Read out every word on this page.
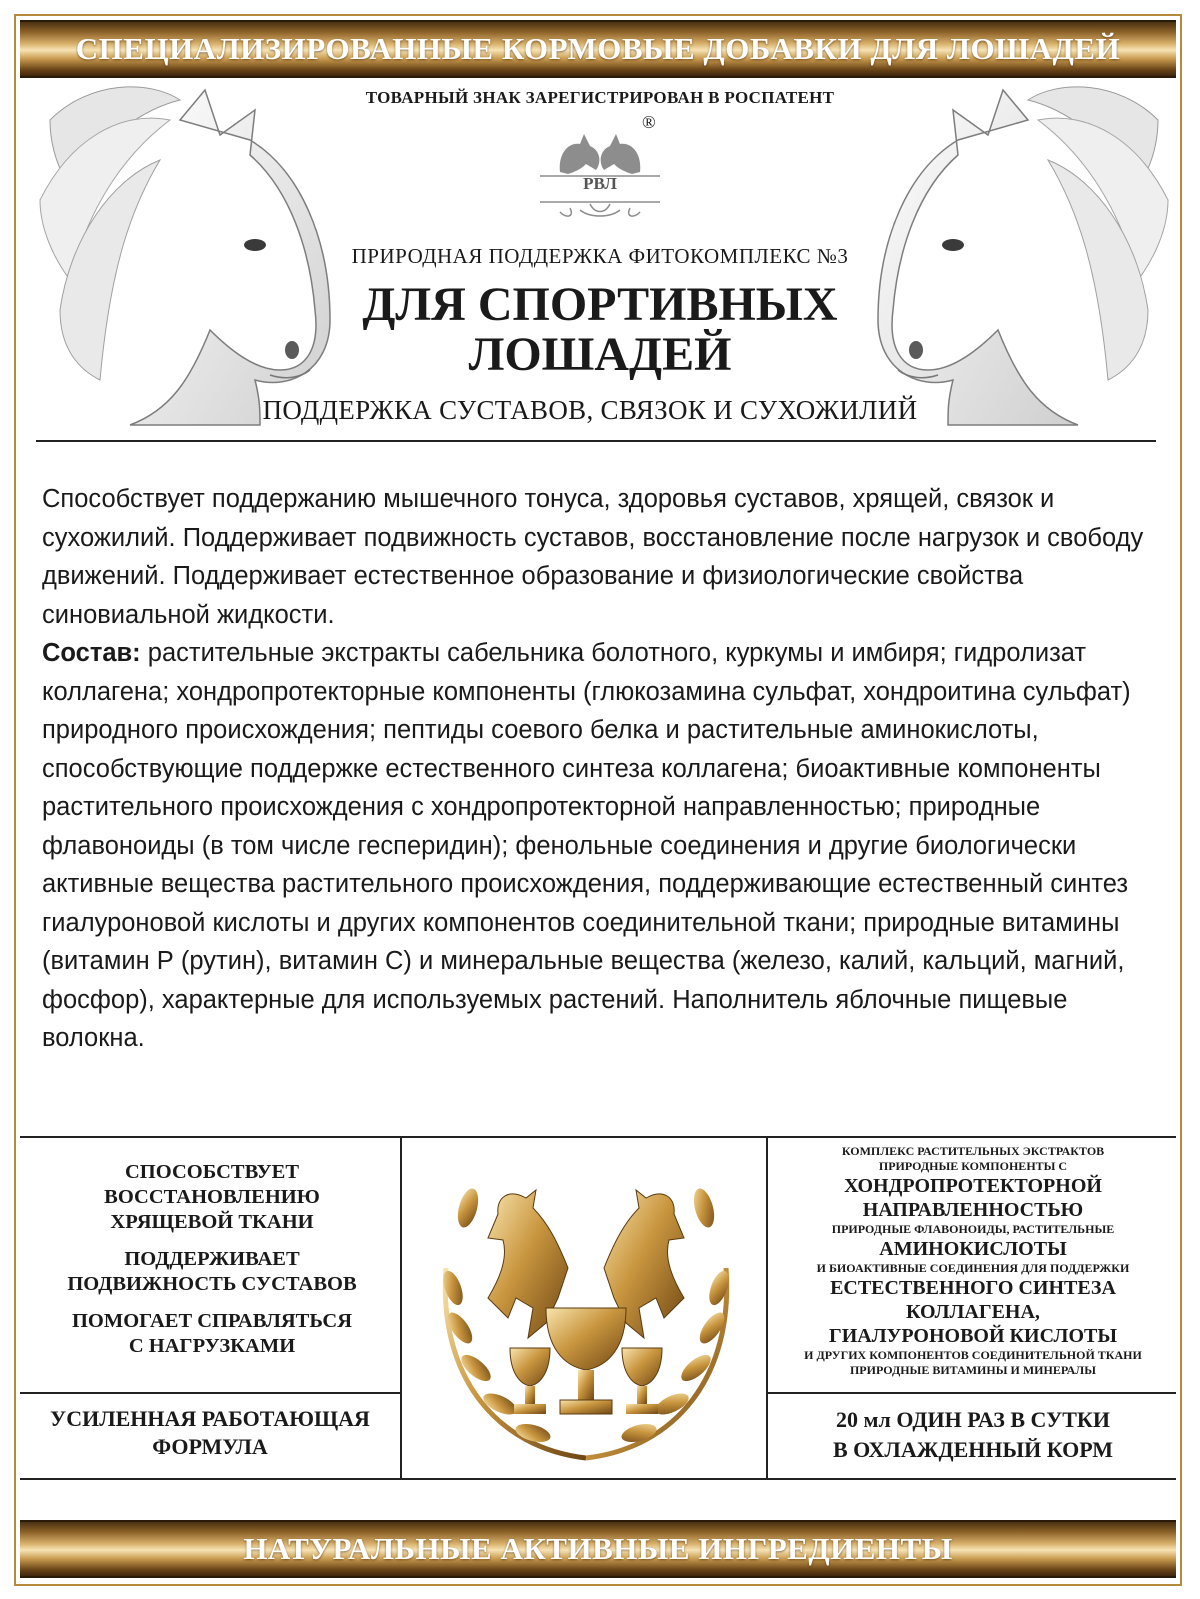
СПЕЦИАЛИЗИРОВАННЫЕ КОРМОВЫЕ ДОБАВКИ ДЛЯ ЛОШАДЕЙ
ТОВАРНЫЙ ЗНАК ЗАРЕГИСТРИРОВАН В РОСПАТЕНТ
РВЛ
®
ПРИРОДНАЯ ПОДДЕРЖКА ФИТОКОМПЛЕКС №3
ДЛЯ СПОРТИВНЫХ
ЛОШАДЕЙ
ПОДДЕРЖКА СУСТАВОВ, СВЯЗОК И СУХОЖИЛИЙ
Способствует поддержанию мышечного тонуса, здоровья суставов, хрящей, связок и сухожилий. Поддерживает подвижность суставов, восстановление после нагрузок и свободу движений. Поддерживает естественное образование и физиологические свойства синовиальной жидкости.
Состав: растительные экстракты сабельника болотного, куркумы и имбиря; гидролизат коллагена; хондропротекторные компоненты (глюкозамина сульфат, хондроитина сульфат) природного происхождения; пептиды соевого белка и растительные аминокислоты, способствующие поддержке естественного синтеза коллагена; биоактивные компоненты растительного происхождения с хондропротекторной направленностью; природные флавоноиды (в том числе гесперидин); фенольные соединения и другие биологически активные вещества растительного происхождения, поддерживающие естественный синтез гиалуроновой кислоты и других компонентов соединительной ткани; природные витамины (витамин Р (рутин), витамин С) и минеральные вещества (железо, калий, кальций, магний, фосфор), характерные для используемых растений. Наполнитель яблочные пищевые волокна.
СПОСОБСТВУЕТ
ВОССТАНОВЛЕНИЮ
ХРЯЩЕВОЙ ТКАНИ
ПОДДЕРЖИВАЕТ
ПОДВИЖНОСТЬ СУСТАВОВ
ПОМОГАЕТ СПРАВЛЯТЬСЯ
С НАГРУЗКАМИ
УСИЛЕННАЯ РАБОТАЮЩАЯ
ФОРМУЛА
КОМПЛЕКС РАСТИТЕЛЬНЫХ ЭКСТРАКТОВ
ПРИРОДНЫЕ КОМПОНЕНТЫ С
ХОНДРОПРОТЕКТОРНОЙ
НАПРАВЛЕННОСТЬЮ
ПРИРОДНЫЕ ФЛАВОНОИДЫ, РАСТИТЕЛЬНЫЕ
АМИНОКИСЛОТЫ
И БИОАКТИВНЫЕ СОЕДИНЕНИЯ ДЛЯ ПОДДЕРЖКИ
ЕСТЕСТВЕННОГО СИНТЕЗА
КОЛЛАГЕНА,
ГИАЛУРОНОВОЙ КИСЛОТЫ
И ДРУГИХ КОМПОНЕНТОВ СОЕДИНИТЕЛЬНОЙ ТКАНИ
ПРИРОДНЫЕ ВИТАМИНЫ И МИНЕРАЛЫ
20 мл ОДИН РАЗ В СУТКИ
В ОХЛАЖДЕННЫЙ КОРМ
НАТУРАЛЬНЫЕ АКТИВНЫЕ ИНГРЕДИЕНТЫ
